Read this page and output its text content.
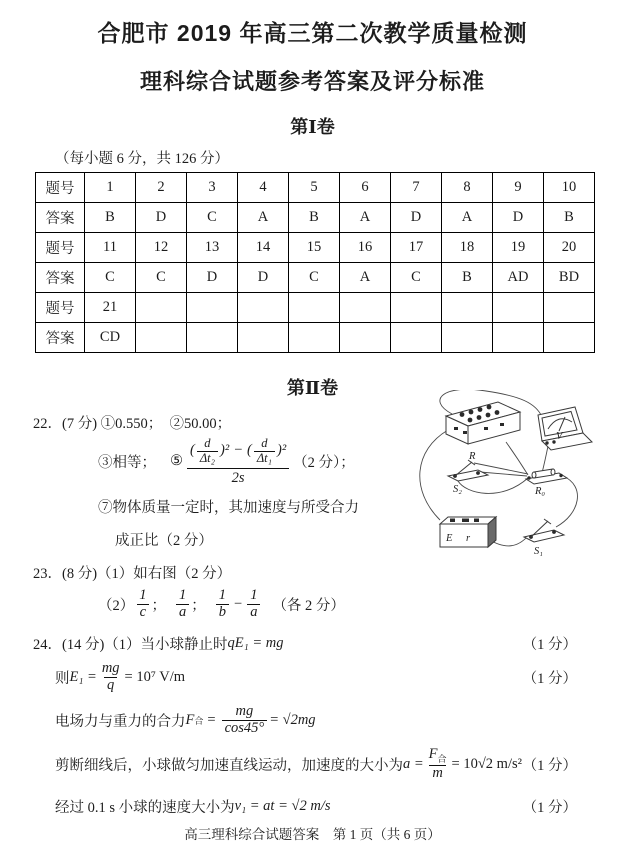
合肥市 2019 年高三第二次教学质量检测
理科综合试题参考答案及评分标准
第Ⅰ卷
（每小题 6 分，共 126 分）
题号	1	2	3	4	5	6	7	8	9	10
答案	B	D	C	A	B	A	D	A	D	B
题号	11	12	13	14	15	16	17	18	19	20
答案	C	C	D	D	C	A	C	B	AD	BD
题号	21									
答案	CD									
第Ⅱ卷
22．(7 分) ①0.550；　②50.00；
③相等； ⑤ $\frac{( \frac{d}{\text{Δt₂}} )^2 - ( \frac{d}{\text{Δt₁}} )^2}{2s} (2$ 分）；
⑦物体质量一定时，其加速度与所受合力
成正比（2 分）
23．(8 分)（1）如右图（2 分）
$(2) \frac{1}{c}$ ； $\frac{1}{a}$ ； $\frac{1}{b} - \frac{1}{a}$ （各 2 分）
24．(14 分)（1）当小球静止时 qE₁ = mg	（1 分）
则 $E_1 = \frac{mg}{q} = 10^7$ V/m	（1 分）
电场力与重力的合力 F 合 = $\frac{mg}{\cos 45^\circ} = √2mg$
剪断细线后，小球做匀加速直线运动，加速度的大小为 $a = \frac{F_合}{m} = 10√2$ m/s² （1 分）
经过 0.1 s 小球的速度大小为 v₁ = at = √2 m/s	（1 分）
R
V
S₂	R₀
E r
S₁
高三理科综合试题答案　第 1 页（共 6 页）
